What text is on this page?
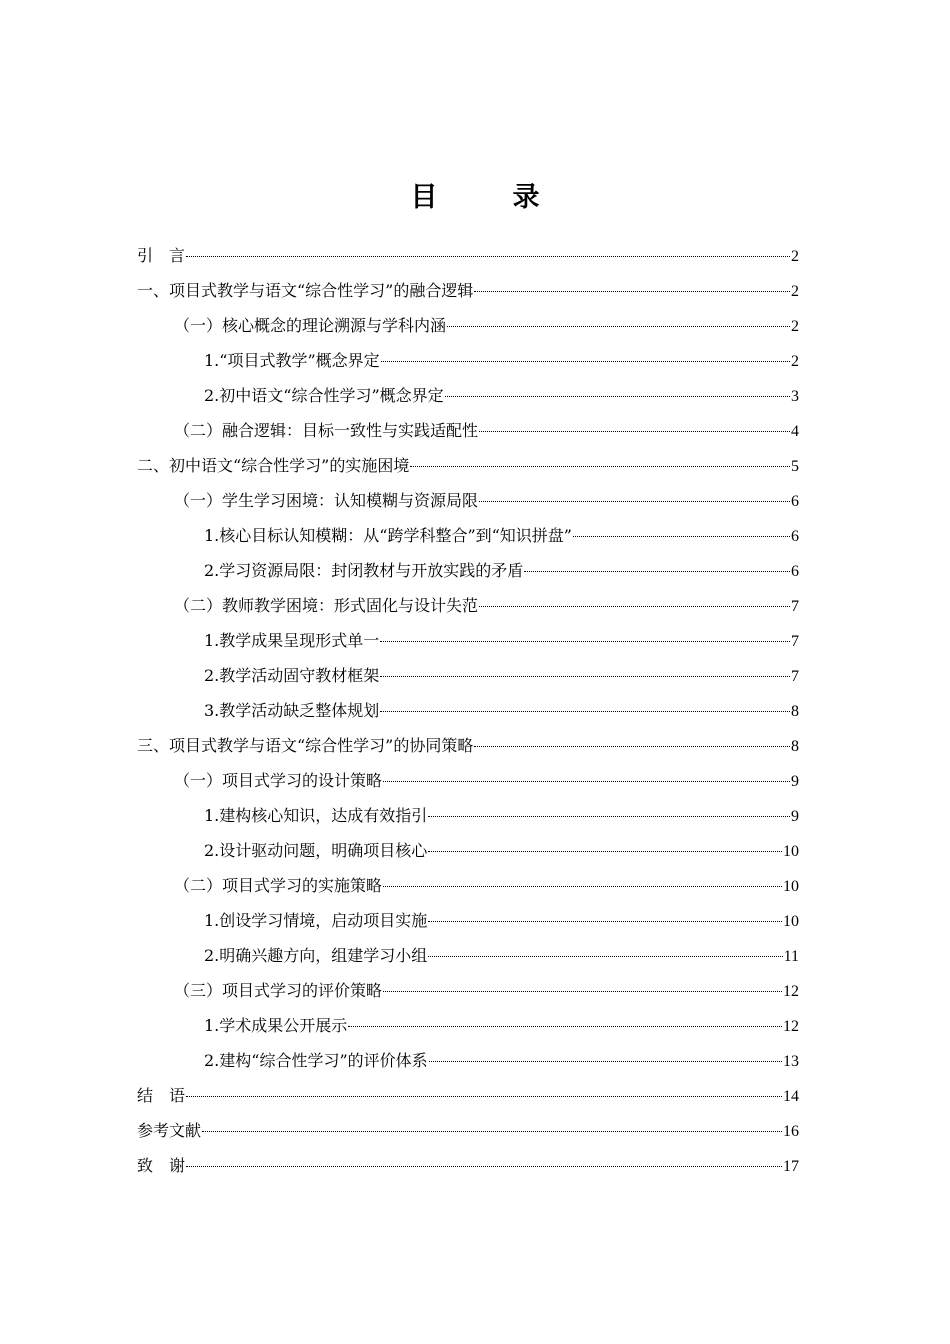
目　录
引　言	2
一、项目式教学与语文“综合性学习”的融合逻辑	2
（一）核心概念的理论溯源与学科内涵	2
1.“项目式教学”概念界定	2
2.初中语文“综合性学习”概念界定	3
（二）融合逻辑：目标一致性与实践适配性	4
二、初中语文“综合性学习”的实施困境	5
（一）学生学习困境：认知模糊与资源局限	6
1.核心目标认知模糊：从“跨学科整合”到“知识拼盘”	6
2.学习资源局限：封闭教材与开放实践的矛盾	6
（二）教师教学困境：形式固化与设计失范	7
1.教学成果呈现形式单一	7
2.教学活动固守教材框架	7
3.教学活动缺乏整体规划	8
三、项目式教学与语文“综合性学习”的协同策略	8
（一）项目式学习的设计策略	9
1.建构核心知识，达成有效指引	9
2.设计驱动问题，明确项目核心	10
（二）项目式学习的实施策略	10
1.创设学习情境，启动项目实施	10
2.明确兴趣方向，组建学习小组	11
（三）项目式学习的评价策略	12
1.学术成果公开展示	12
2.建构“综合性学习”的评价体系	13
结　语	14
参考文献	16
致　谢	17
